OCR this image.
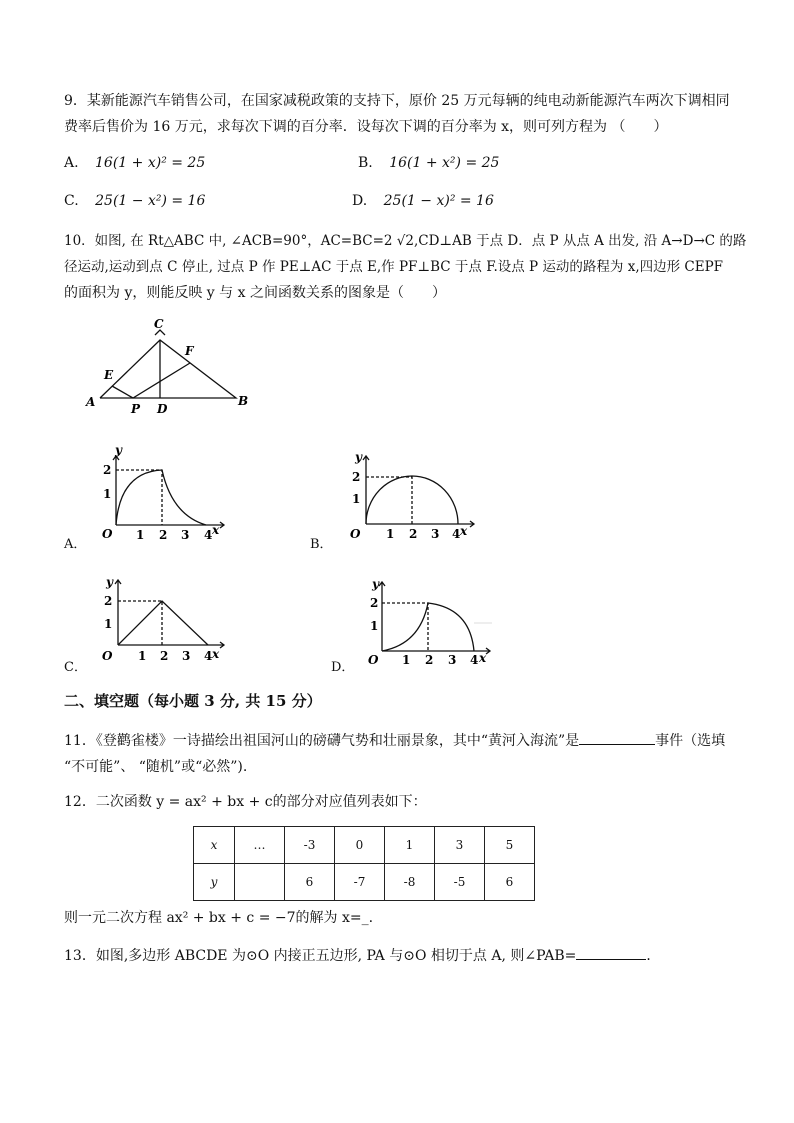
9．某新能源汽车销售公司，在国家减税政策的支持下，原价 25 万元每辆的纯电动新能源汽车两次下调相同
费率后售价为 16 万元，求每次下调的百分率．设每次下调的百分率为 x，则可列方程为 （　　）
A. 16(1 + x)² = 25	B. 16(1 + x²) = 25
C. 25(1 − x²) = 16	D. 25(1 − x)² = 16
10．如图, 在 Rt△ABC 中, ∠ACB=90°，AC=BC=2 √2,CD⊥AB 于点 D．点 P 从点 A 出发, 沿 A→D→C 的路
径运动,运动到点 C 停止, 过点 P 作 PE⊥AC 于点 E,作 PF⊥BC 于点 F.设点 P 运动的路程为 x,四边形 CEPF
的面积为 y，则能反映 y 与 x 之间函数关系的图象是（　　）
C
F
E
A	P D
B
A．
y
2
1
O 1 2 3 4 x
B．
y
2
1
O 1 2 3 4 x
C．
y
2
1
O 1 2 3 4 x
D．
y
2
1
O 1 2 3 4 x
二、填空题（每小题 3 分, 共 15 分）
11．《登鹳雀楼》一诗描绘出祖国河山的磅礴气势和壮丽景象，其中“黄河入海流”是	事件（选填
“不可能”、 “随机”或“必然”).
12．二次函数 y = ax² + bx + c的部分对应值列表如下：
x	…	-3	0	1	3	5
y		6	-7	-8	-5	6
则一元二次方程 ax² + bx + c = −7的解为 x=_.
13．如图,多边形 ABCDE 为⊙O 内接正五边形, PA 与⊙O 相切于点 A, 则∠PAB=	．
